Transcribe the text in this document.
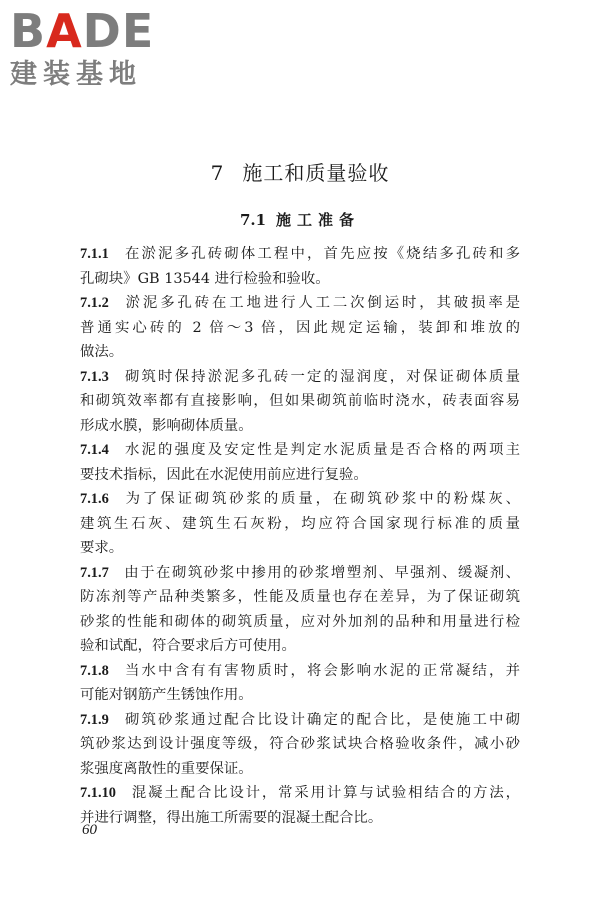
BADE
建装基地
7 施工和质量验收
7.1 施工准备
7.1.1 在淤泥多孔砖砌体工程中，首先应按《烧结多孔砖和多
孔砌块》GB 13544 进行检验和验收。
7.1.2 淤泥多孔砖在工地进行人工二次倒运时，其破损率是
普通实心砖的 2 倍～3 倍，因此规定运输，装卸和堆放的
做法。
7.1.3 砌筑时保持淤泥多孔砖一定的湿润度，对保证砌体质量
和砌筑效率都有直接影响，但如果砌筑前临时浇水，砖表面容易
形成水膜，影响砌体质量。
7.1.4 水泥的强度及安定性是判定水泥质量是否合格的两项主
要技术指标，因此在水泥使用前应进行复验。
7.1.6 为了保证砌筑砂浆的质量，在砌筑砂浆中的粉煤灰、
建筑生石灰、建筑生石灰粉，均应符合国家现行标准的质量
要求。
7.1.7 由于在砌筑砂浆中掺用的砂浆增塑剂、早强剂、缓凝剂、
防冻剂等产品种类繁多，性能及质量也存在差异，为了保证砌筑
砂浆的性能和砌体的砌筑质量，应对外加剂的品种和用量进行检
验和试配，符合要求后方可使用。
7.1.8 当水中含有有害物质时，将会影响水泥的正常凝结，并
可能对钢筋产生锈蚀作用。
7.1.9 砌筑砂浆通过配合比设计确定的配合比，是使施工中砌
筑砂浆达到设计强度等级，符合砂浆试块合格验收条件，减小砂
浆强度离散性的重要保证。
7.1.10 混凝土配合比设计，常采用计算与试验相结合的方法，
并进行调整，得出施工所需要的混凝土配合比。
60
